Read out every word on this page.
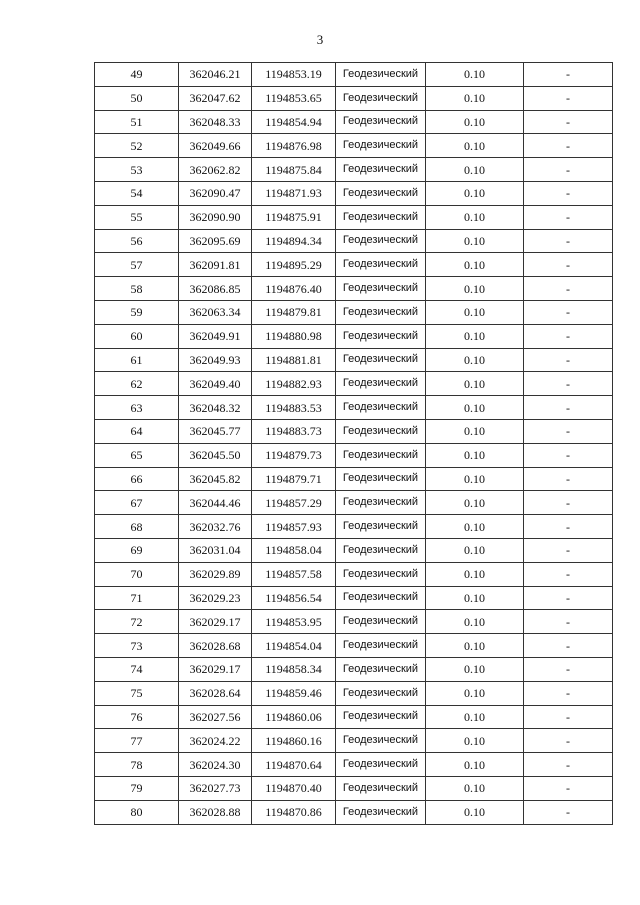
3
49	362046.21	1194853.19	Геодезический	0.10	-
50	362047.62	1194853.65	Геодезический	0.10	-
51	362048.33	1194854.94	Геодезический	0.10	-
52	362049.66	1194876.98	Геодезический	0.10	-
53	362062.82	1194875.84	Геодезический	0.10	-
54	362090.47	1194871.93	Геодезический	0.10	-
55	362090.90	1194875.91	Геодезический	0.10	-
56	362095.69	1194894.34	Геодезический	0.10	-
57	362091.81	1194895.29	Геодезический	0.10	-
58	362086.85	1194876.40	Геодезический	0.10	-
59	362063.34	1194879.81	Геодезический	0.10	-
60	362049.91	1194880.98	Геодезический	0.10	-
61	362049.93	1194881.81	Геодезический	0.10	-
62	362049.40	1194882.93	Геодезический	0.10	-
63	362048.32	1194883.53	Геодезический	0.10	-
64	362045.77	1194883.73	Геодезический	0.10	-
65	362045.50	1194879.73	Геодезический	0.10	-
66	362045.82	1194879.71	Геодезический	0.10	-
67	362044.46	1194857.29	Геодезический	0.10	-
68	362032.76	1194857.93	Геодезический	0.10	-
69	362031.04	1194858.04	Геодезический	0.10	-
70	362029.89	1194857.58	Геодезический	0.10	-
71	362029.23	1194856.54	Геодезический	0.10	-
72	362029.17	1194853.95	Геодезический	0.10	-
73	362028.68	1194854.04	Геодезический	0.10	-
74	362029.17	1194858.34	Геодезический	0.10	-
75	362028.64	1194859.46	Геодезический	0.10	-
76	362027.56	1194860.06	Геодезический	0.10	-
77	362024.22	1194860.16	Геодезический	0.10	-
78	362024.30	1194870.64	Геодезический	0.10	-
79	362027.73	1194870.40	Геодезический	0.10	-
80	362028.88	1194870.86	Геодезический	0.10	-
